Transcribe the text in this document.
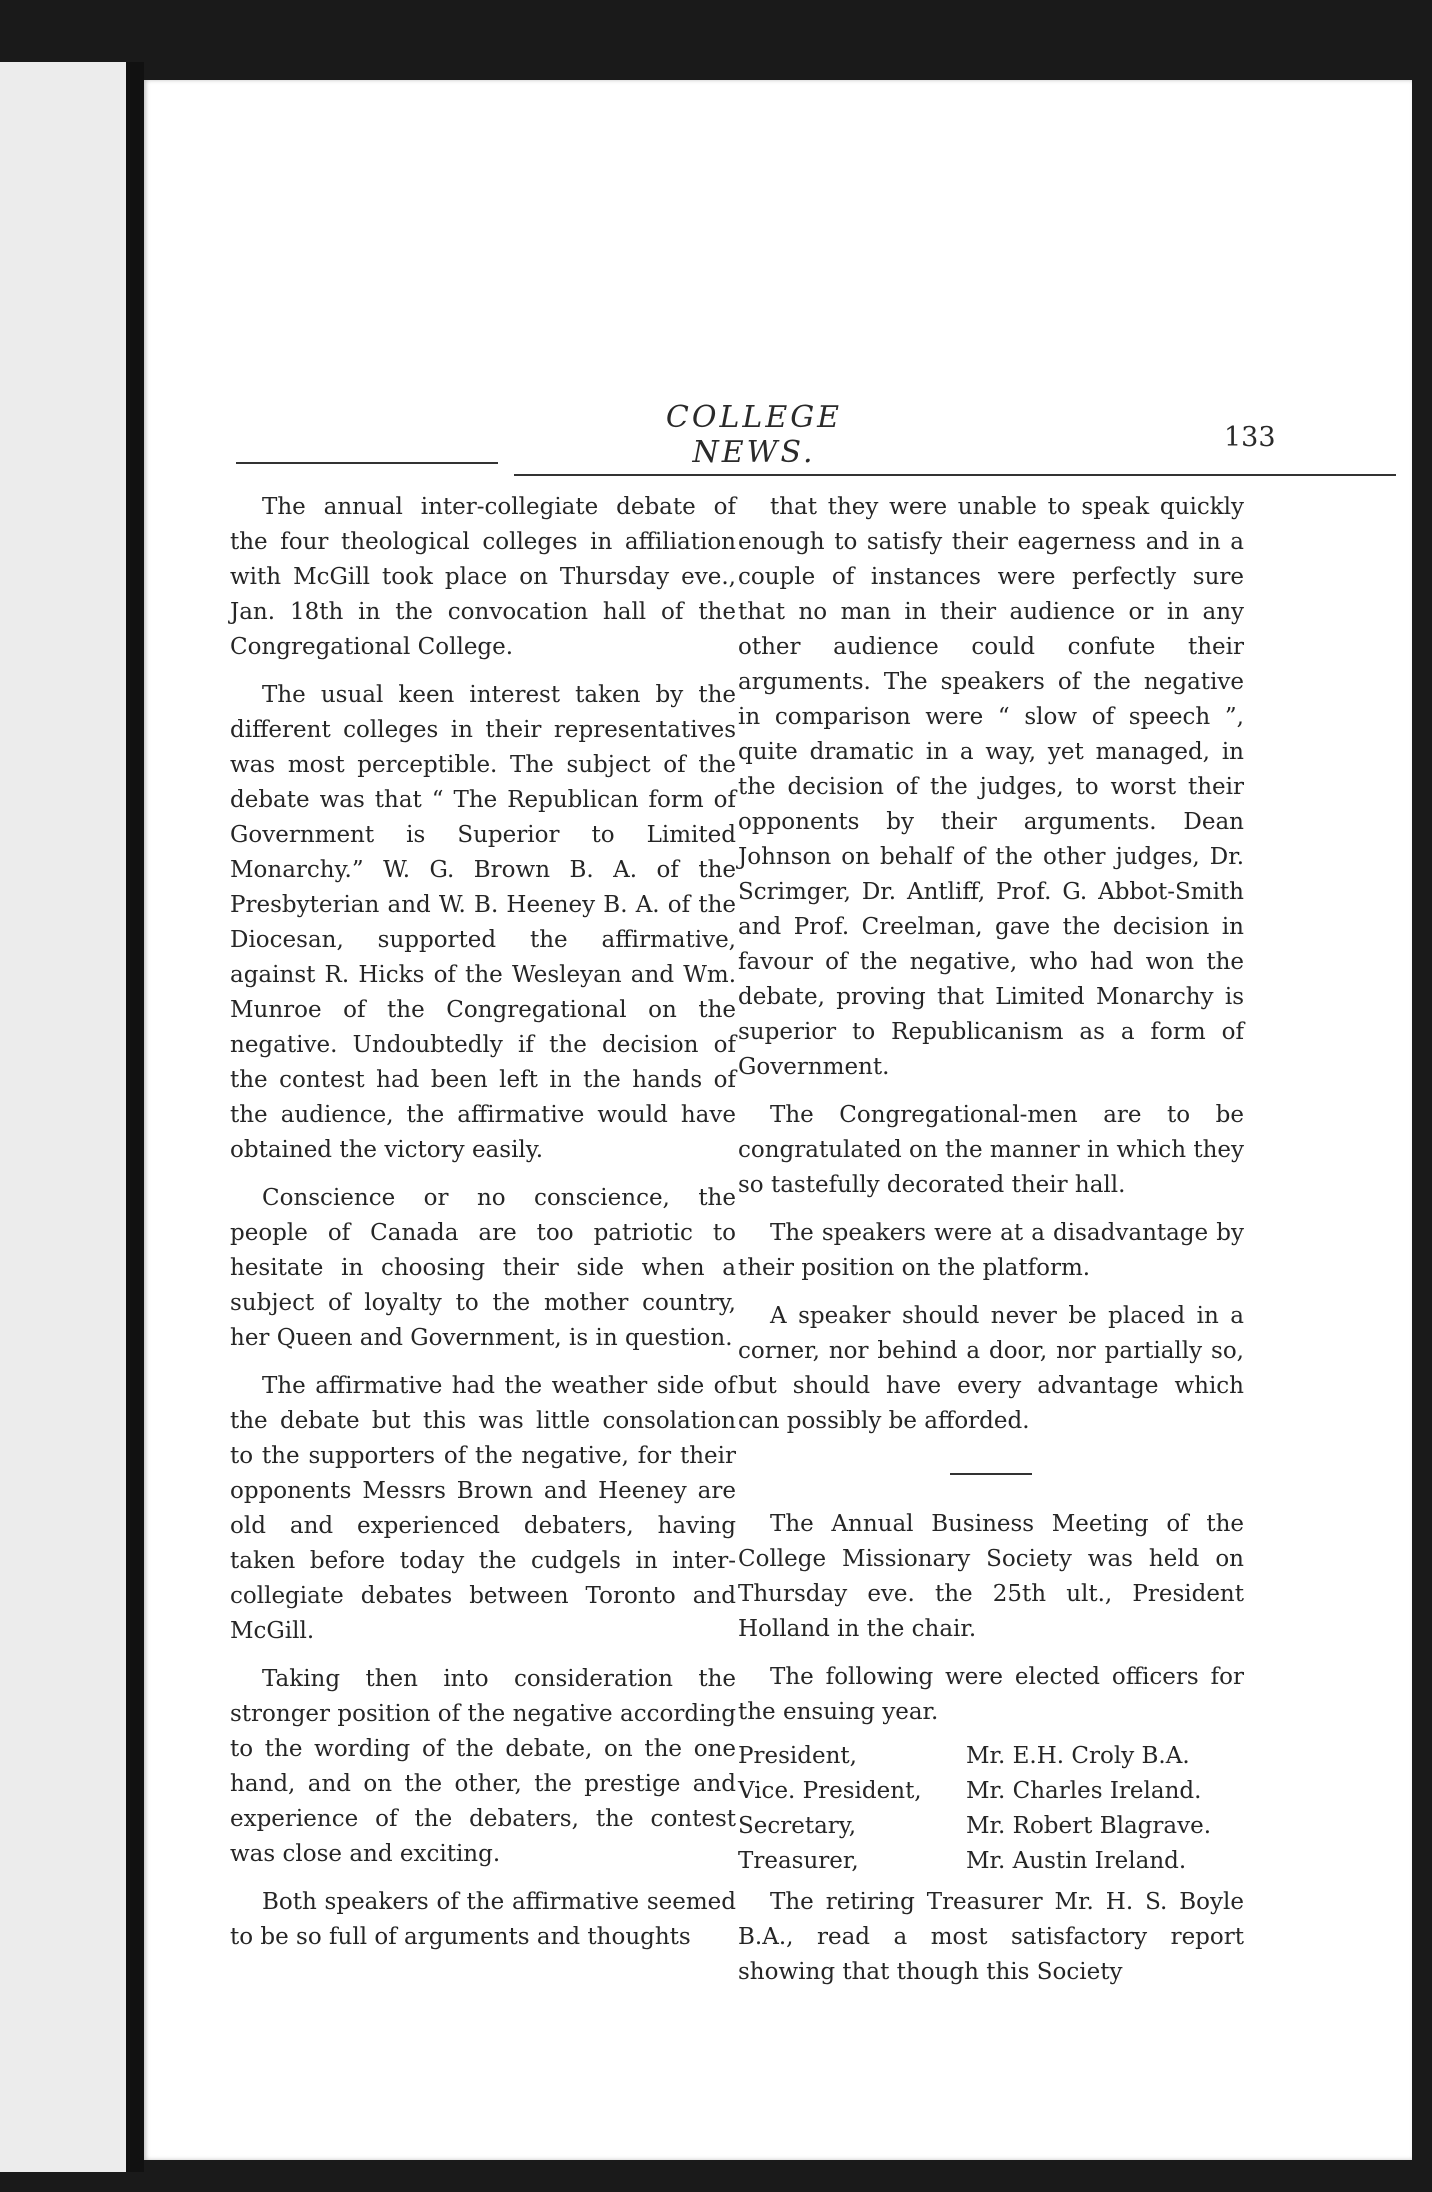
COLLEGE NEWS.	133

The annual inter-collegiate debate of the four theological colleges in affiliation with McGill took place on Thursday eve., Jan. 18th in the convocation hall of the Congregational College.

The usual keen interest taken by the different colleges in their representatives was most perceptible. The subject of the debate was that “ The Republican form of Government is Superior to Limited Monarchy.” W. G. Brown B. A. of the Presbyterian and W. B. Heeney B. A. of the Diocesan, supported the affirmative, against R. Hicks of the Wesleyan and Wm. Munroe of the Congregational on the negative. Undoubtedly if the decision of the contest had been left in the hands of the audience, the affirmative would have obtained the victory easily.

Conscience or no conscience, the people of Canada are too patriotic to hesitate in choosing their side when a subject of loyalty to the mother country, her Queen and Government, is in question.

The affirmative had the weather side of the debate but this was little consolation to the supporters of the negative, for their opponents Messrs Brown and Heeney are old and experienced debaters, having taken before today the cudgels in inter-collegiate debates between Toronto and McGill.

Taking then into consideration the stronger position of the negative according to the wording of the debate, on the one hand, and on the other, the prestige and experience of the debaters, the contest was close and exciting.

Both speakers of the affirmative seemed to be so full of arguments and thoughts

that they were unable to speak quickly enough to satisfy their eagerness and in a couple of instances were perfectly sure that no man in their audience or in any other audience could confute their arguments. The speakers of the negative in comparison were “ slow of speech ”, quite dramatic in a way, yet managed, in the decision of the judges, to worst their opponents by their arguments. Dean Johnson on behalf of the other judges, Dr. Scrimger, Dr. Antliff, Prof. G. Abbot-Smith and Prof. Creelman, gave the decision in favour of the negative, who had won the debate, proving that Limited Monarchy is superior to Republicanism as a form of Government.

The Congregational-men are to be congratulated on the manner in which they so tastefully decorated their hall.

The speakers were at a disadvantage by their position on the platform.

A speaker should never be placed in a corner, nor behind a door, nor partially so, but should have every advantage which can possibly be afforded.

The Annual Business Meeting of the College Missionary Society was held on Thursday eve. the 25th ult., President Holland in the chair.

The following were elected officers for the ensuing year.

President,	Mr. E.H. Croly B.A.
Vice. President,	Mr. Charles Ireland.
Secretary,	Mr. Robert Blagrave.
Treasurer,	Mr. Austin Ireland.

The retiring Treasurer Mr. H. S. Boyle B.A., read a most satisfactory report showing that though this Society
